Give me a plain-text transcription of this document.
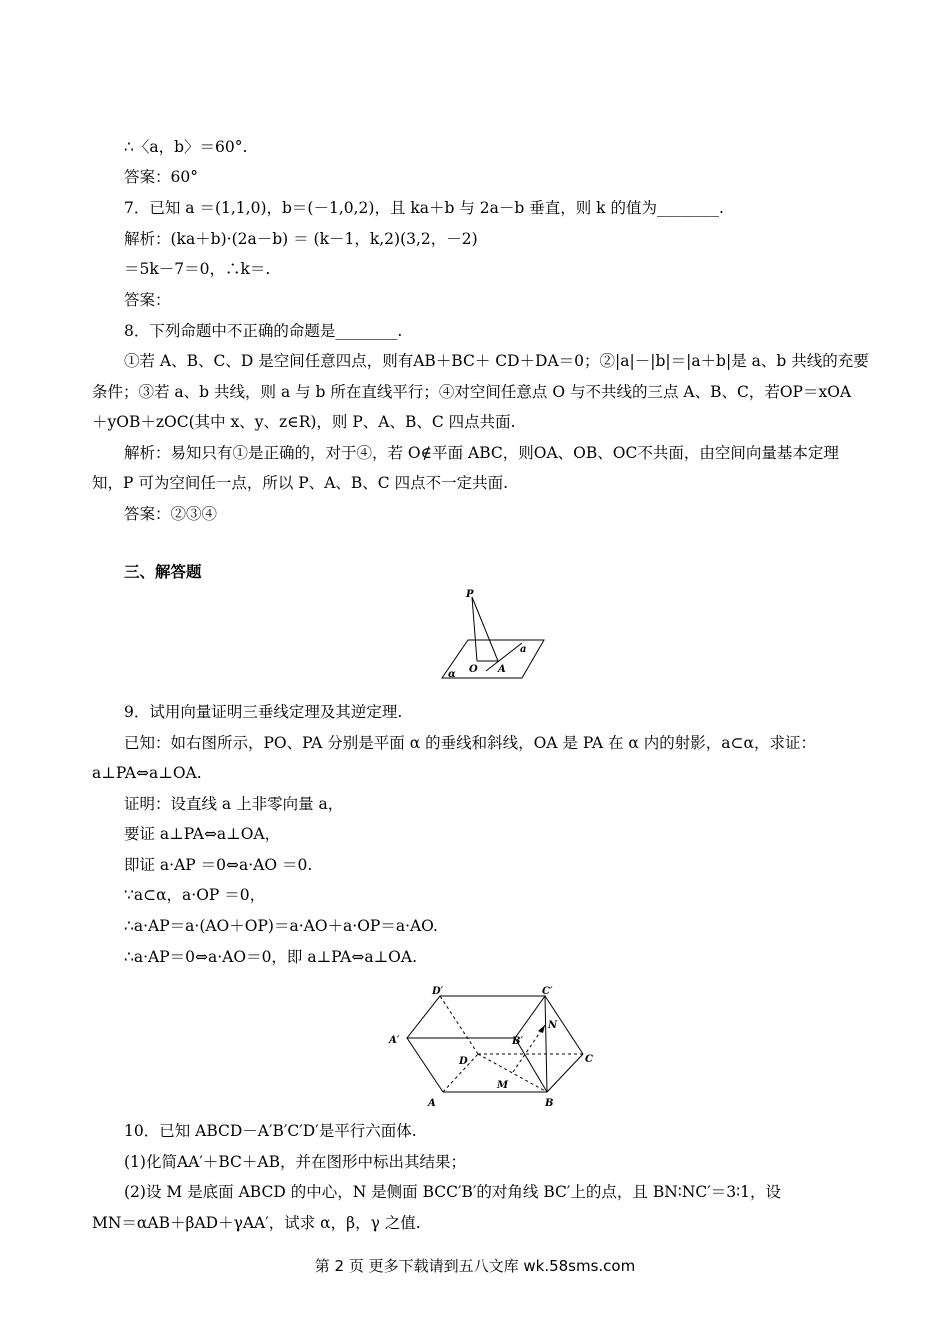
∴〈a，b〉＝60°.
答案：60°
7．已知 a ＝(1,1,0)，b＝(－1,0,2)，且 ka＋b 与 2a－b 垂直，则 k 的值为________.
解析：(ka＋b)·(2a－b) ＝ (k－1，k,2)(3,2，－2)
＝5k－7＝0，∴k＝.
答案：
8．下列命题中不正确的命题是________.
①若 A、B、C、D 是空间任意四点，则有AB＋BC＋ CD＋DA＝0；②|a|－|b|＝|a＋b|是 a、b 共线的充要
条件；③若 a、b 共线，则 a 与 b 所在直线平行；④对空间任意点 O 与不共线的三点 A、B、C，若OP＝xOA
＋yOB＋zOC(其中 x、y、z∈R)，则 P、A、B、C 四点共面.
解析：易知只有①是正确的，对于④，若 O∉平面 ABC，则OA、OB、OC不共面，由空间向量基本定理
知，P 可为空间任一点，所以 P、A、B、C 四点不一定共面.
答案：②③④
三、解答题
P
O A
a
α
9．试用向量证明三垂线定理及其逆定理.
已知：如右图所示，PO、PA 分别是平面 α 的垂线和斜线，OA 是 PA 在 α 内的射影，a⊂α，求证：
a⊥PA⇔a⊥OA.
证明：设直线 a 上非零向量 a，
要证 a⊥PA⇔a⊥OA，
即证 a·AP ＝0⇔a·AO ＝0.
∵a⊂α，a·OP ＝0，
∴a·AP＝a·(AO＋OP)＝a·AO＋a·OP＝a·AO.
∴a·AP＝0⇔a·AO＝0，即 a⊥PA⇔a⊥OA.
D′	C′
A′	B′
N
D	C
M
A	B
10．已知 ABCD－A′B′C′D′是平行六面体.
(1)化简AA′＋BC＋AB，并在图形中标出其结果；
(2)设 M 是底面 ABCD 的中心，N 是侧面 BCC′B′的对角线 BC′上的点，且 BN∶NC′＝3∶1，设
MN＝αAB＋βAD＋γAA′，试求 α，β，γ 之值.
第 2 页 更多下载请到五八文库 wk.58sms.com
